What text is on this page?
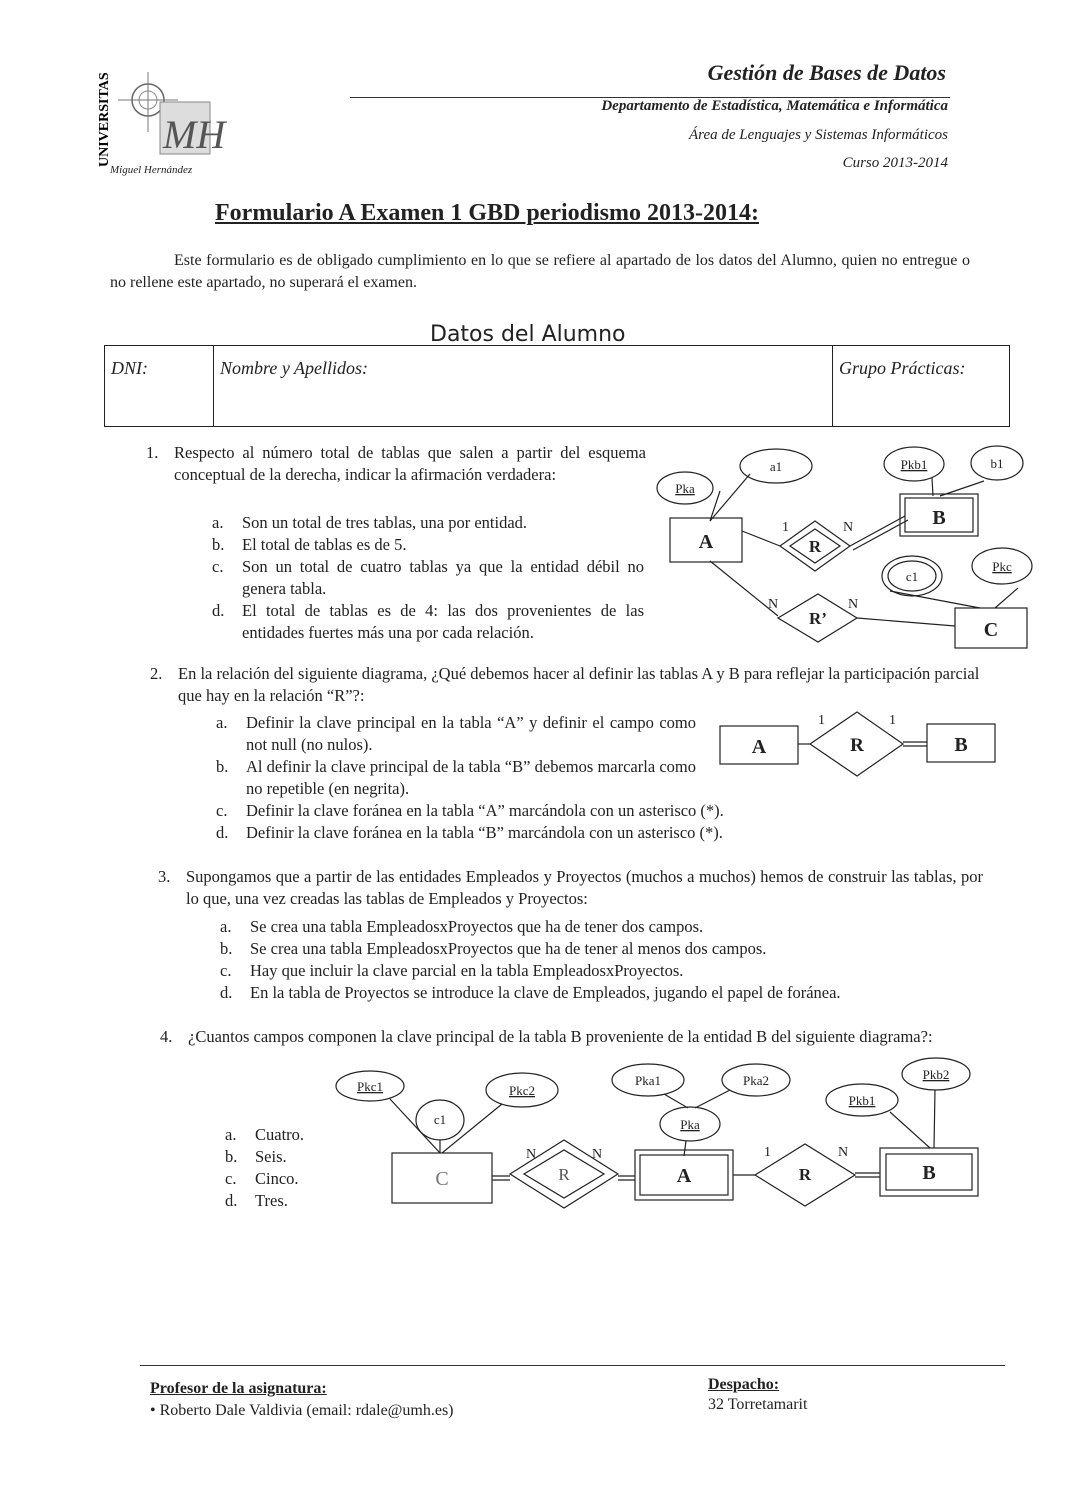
UNIVERSITAS MH
Miguel Hernández
Gestión de Bases de Datos
Departamento de Estadística, Matemática e Informática
Área de Lenguajes y Sistemas Informáticos
Curso 2013-2014
Formulario A Examen 1 GBD periodismo 2013-2014:
Este formulario es de obligado cumplimiento en lo que se refiere al apartado de los datos del Alumno, quien no entregue o no rellene este apartado, no superará el examen.
Datos del Alumno
DNI:	Nombre y Apellidos:	Grupo Prácticas:
1. Respecto al número total de tablas que salen a partir del esquema conceptual de la derecha, indicar la afirmación verdadera:
a.	Son un total de tres tablas, una por entidad.
b.	El total de tablas es de 5.
c.	Son un total de cuatro tablas ya que la entidad débil no genera tabla.
d.	El total de tablas es de 4: las dos provenientes de las entidades fuertes más una por cada relación.
Pka
a1	Pkb1	b1
c1
Pkc
A
B
C
R
R’
1	N
N	N
2. En la relación del siguiente diagrama, ¿Qué debemos hacer al definir las tablas A y B para reflejar la participación parcial que hay en la relación “R”?:
a.	Definir la clave principal en la tabla “A” y definir el campo como not null (no nulos).
b.	Al definir la clave principal de la tabla “B” debemos marcarla como no repetible (en negrita).
c.	Definir la clave foránea en la tabla “A” marcándola con un asterisco (*).
d.	Definir la clave foránea en la tabla “B” marcándola con un asterisco (*).
A	B
R
1	1
3. Supongamos que a partir de las entidades Empleados y Proyectos (muchos a muchos) hemos de construir las tablas, por lo que, una vez creadas las tablas de Empleados y Proyectos:
a.	Se crea una tabla EmpleadosxProyectos que ha de tener dos campos.
b.	Se crea una tabla EmpleadosxProyectos que ha de tener al menos dos campos.
c.	Hay que incluir la clave parcial en la tabla EmpleadosxProyectos.
d.	En la tabla de Proyectos se introduce la clave de Empleados, jugando el papel de foránea.
4. ¿Cuantos campos componen la clave principal de la tabla B proveniente de la entidad B del siguiente diagrama?:
a.	Cuatro.
b.	Seis.
c.	Cinco.
d.	Tres.
Pkc1	Pkc2
c1
Pka1	Pka2
Pka
Pkb1
Pkb2
C	A	B
R	R
N	N	1	N
Profesor de la asignatura:
• Roberto Dale Valdivia (email: rdale@umh.es)
Despacho:
32 Torretamarit
